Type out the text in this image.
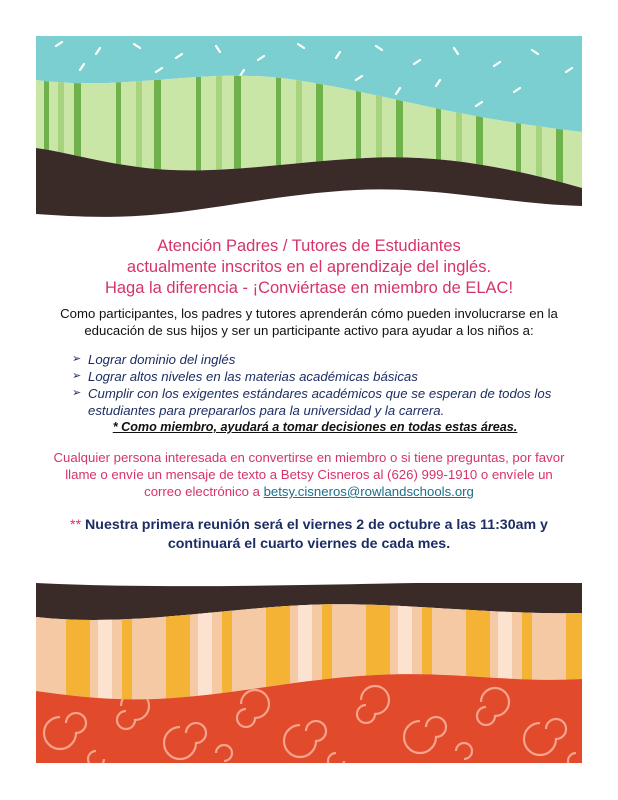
Atención Padres / Tutores de Estudiantes
actualmente inscritos en el aprendizaje del inglés.
Haga la diferencia - ¡Conviértase en miembro de ELAC!
Como participantes, los padres y tutores aprenderán cómo pueden involucrarse en la
educación de sus hijos y ser un participante activo para ayudar a los niños a:
➢ Lograr dominio del inglés
➢ Lograr altos niveles en las materias académicas básicas
➢ Cumplir con los exigentes estándares académicos que se esperan de todos los
estudiantes para prepararlos para la universidad y la carrera.
* Como miembro, ayudará a tomar decisiones en todas estas áreas.
Cualquier persona interesada en convertirse en miembro o si tiene preguntas, por favor
llame o envíe un mensaje de texto a Betsy Cisneros al (626) 999-1910 o envíele un
correo electrónico a betsy.cisneros@rowlandschools.org
** Nuestra primera reunión será el viernes 2 de octubre a las 11:30am y
continuará el cuarto viernes de cada mes.
